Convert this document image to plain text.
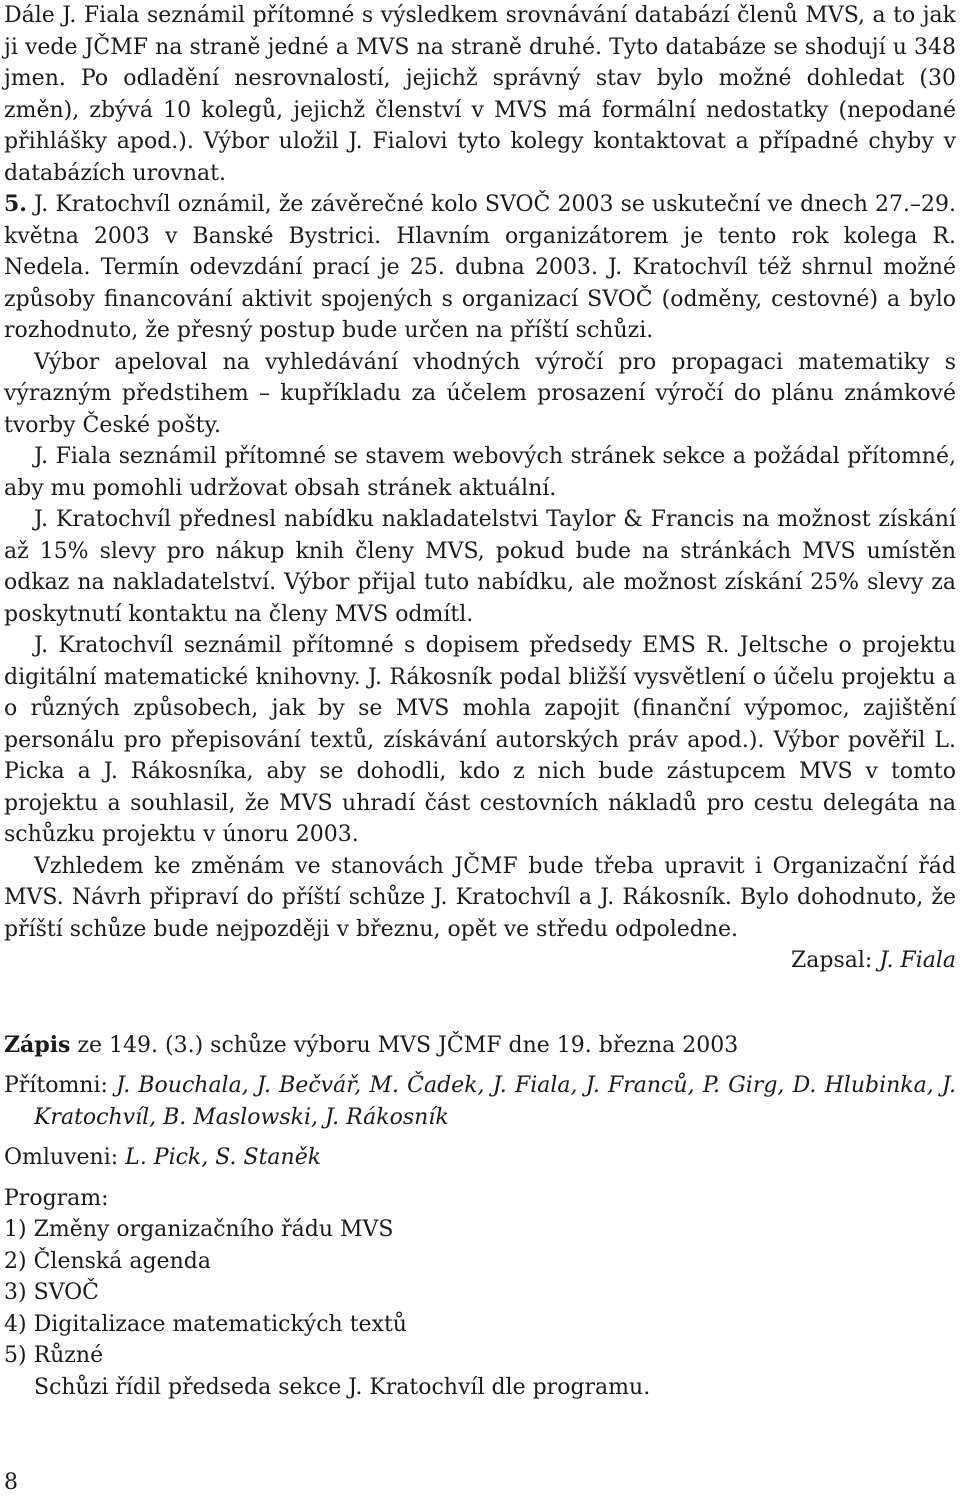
Dále J. Fiala seznámil přítomné s výsledkem srovnávání databází členů MVS, a to jak ji vede JČMF na straně jedné a MVS na straně druhé. Tyto databáze se shodují u 348 jmen. Po odladění nesrovnalostí, jejichž správný stav bylo možné dohledat (30 změn), zbývá 10 kolegů, jejichž členství v MVS má formální nedostatky (nepodané přihlášky apod.). Výbor uložil J. Fialovi tyto kolegy kontaktovat a případné chyby v databázích urovnat.

5. J. Kratochvíl oznámil, že závěrečné kolo SVOČ 2003 se uskuteční ve dnech 27.–29. května 2003 v Banské Bystrici. Hlavním organizátorem je tento rok kolega R. Nedela. Termín odevzdání prací je 25. dubna 2003. J. Kratochvíl též shrnul možné způsoby financování aktivit spojených s organizací SVOČ (odměny, cestovné) a bylo rozhodnuto, že přesný postup bude určen na příští schůzi.

Výbor apeloval na vyhledávání vhodných výročí pro propagaci matematiky s výrazným předstihem – kupříkladu za účelem prosazení výročí do plánu známkové tvorby České pošty.

J. Fiala seznámil přítomné se stavem webových stránek sekce a požádal přítomné, aby mu pomohli udržovat obsah stránek aktuální.

J. Kratochvíl přednesl nabídku nakladatelstvi Taylor & Francis na možnost získání až 15% slevy pro nákup knih členy MVS, pokud bude na stránkách MVS umístěn odkaz na nakladatelství. Výbor přijal tuto nabídku, ale možnost získání 25% slevy za poskytnutí kontaktu na členy MVS odmítl.

J. Kratochvíl seznámil přítomné s dopisem předsedy EMS R. Jeltsche o projektu digitální matematické knihovny. J. Rákosník podal bližší vysvětlení o účelu projektu a o různých způsobech, jak by se MVS mohla zapojit (finanční výpomoc, zajištění personálu pro přepisování textů, získávání autorských práv apod.). Výbor pověřil L. Picka a J. Rákosníka, aby se dohodli, kdo z nich bude zástupcem MVS v tomto projektu a souhlasil, že MVS uhradí část cestovních nákladů pro cestu delegáta na schůzku projektu v únoru 2003.

Vzhledem ke změnám ve stanovách JČMF bude třeba upravit i Organizační řád MVS. Návrh připraví do příští schůze J. Kratochvíl a J. Rákosník. Bylo dohodnuto, že příští schůze bude nejpozději v březnu, opět ve středu odpoledne.

Zapsal: J. Fiala

Zápis ze 149. (3.) schůze výboru MVS JČMF dne 19. března 2003

Přítomni: J. Bouchala, J. Bečvář, M. Čadek, J. Fiala, J. Franců, P. Girg, D. Hlubinka, J. Kratochvíl, B. Maslowski, J. Rákosník

Omluveni: L. Pick, S. Staněk

Program:

1) Změny organizačního řádu MVS
2) Členská agenda
3) SVOČ
4) Digitalizace matematických textů
5) Různé

Schůzi řídil předseda sekce J. Kratochvíl dle programu.

8
